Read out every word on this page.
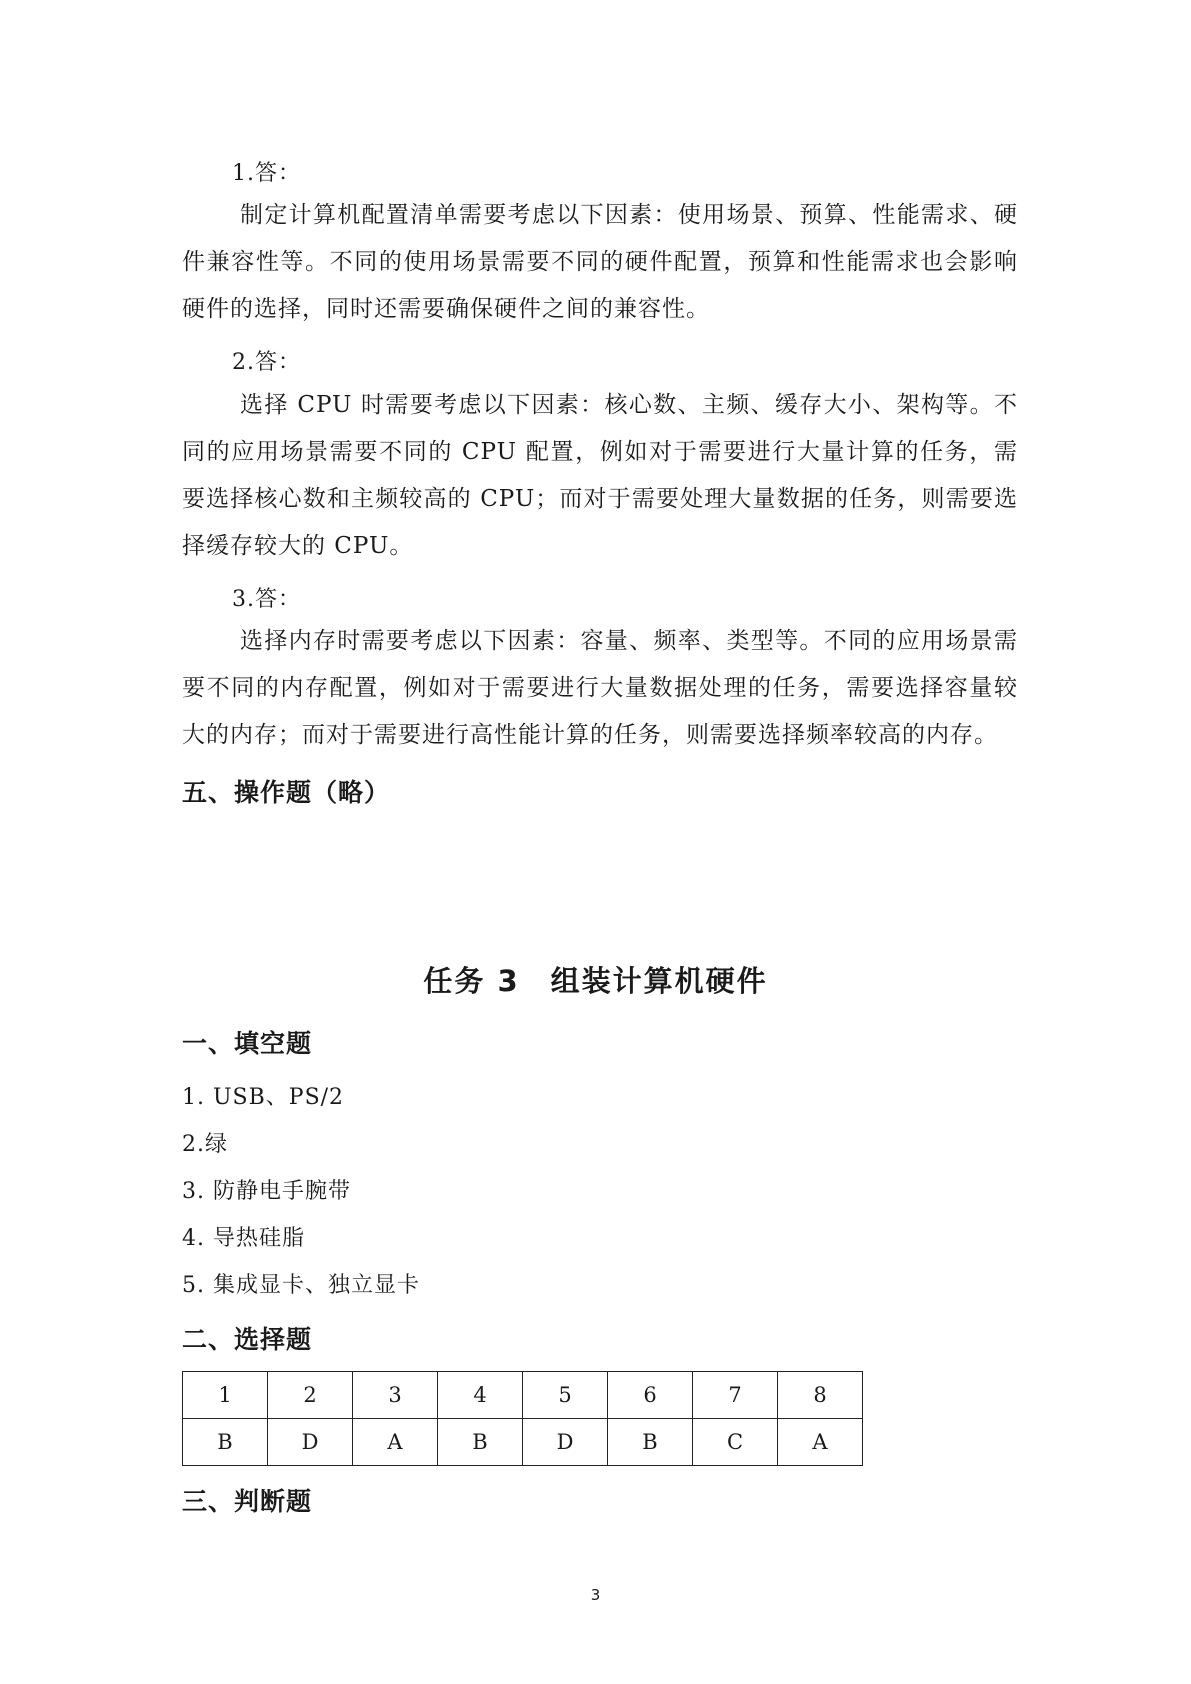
1.答：

制定计算机配置清单需要考虑以下因素：使用场景、预算、性能需求、硬件兼容性等。不同的使用场景需要不同的硬件配置，预算和性能需求也会影响硬件的选择，同时还需要确保硬件之间的兼容性。

2.答：

选择 CPU 时需要考虑以下因素：核心数、主频、缓存大小、架构等。不同的应用场景需要不同的 CPU 配置，例如对于需要进行大量计算的任务，需要选择核心数和主频较高的 CPU；而对于需要处理大量数据的任务，则需要选择缓存较大的 CPU。

3.答：

选择内存时需要考虑以下因素：容量、频率、类型等。不同的应用场景需要不同的内存配置，例如对于需要进行大量数据处理的任务，需要选择容量较大的内存；而对于需要进行高性能计算的任务，则需要选择频率较高的内存。

五、操作题（略）
任务 3　组装计算机硬件
一、填空题
1. USB、PS/2
2.绿
3. 防静电手腕带
4. 导热硅脂
5. 集成显卡、独立显卡
二、选择题
1	2	3	4	5	6	7	8
B	D	A	B	D	B	C	A
三、判断题
3
